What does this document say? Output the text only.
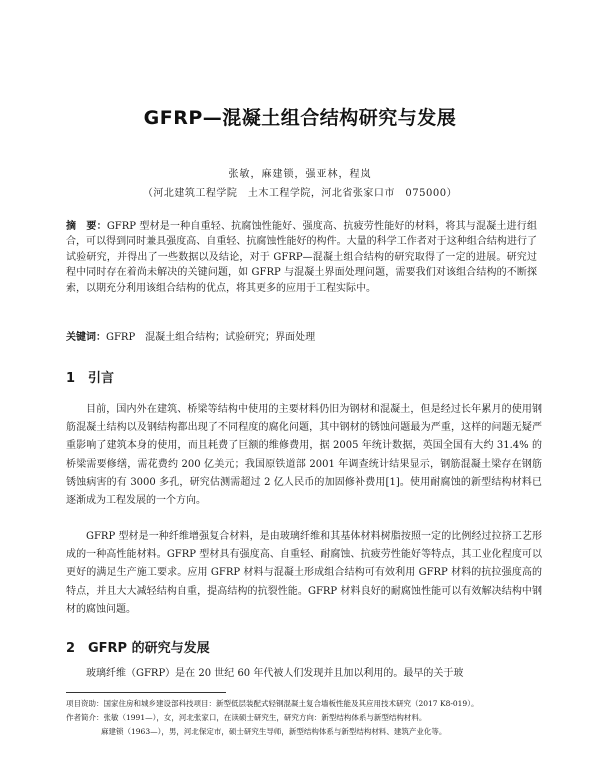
GFRP—混凝土组合结构研究与发展
张敏，麻建锁，强亚林，程岚
（河北建筑工程学院　土木工程学院，河北省张家口市　075000）
摘　要：GFRP 型材是一种自重轻、抗腐蚀性能好、强度高、抗疲劳性能好的材料，将其与混凝土进行组合，可以得到同时兼具强度高、自重轻、抗腐蚀性能好的构件。大量的科学工作者对于这种组合结构进行了试验研究，并得出了一些数据以及结论，对于 GFRP—混凝土组合结构的研究取得了一定的进展。研究过程中同时存在着尚未解决的关键问题，如 GFRP 与混凝土界面处理问题，需要我们对该组合结构的不断探索，以期充分利用该组合结构的优点，将其更多的应用于工程实际中。
关键词：GFRP　混凝土组合结构；试验研究；界面处理
1 引言
目前，国内外在建筑、桥梁等结构中使用的主要材料仍旧为钢材和混凝土，但是经过长年累月的使用钢筋混凝土结构以及钢结构都出现了不同程度的腐化问题，其中钢材的锈蚀问题最为严重，这样的问题无疑严重影响了建筑本身的使用，而且耗费了巨额的维修费用，据 2005 年统计数据，英国全国有大约 31.4% 的桥梁需要修缮，需花费约 200 亿美元；我国原铁道部 2001 年调查统计结果显示，钢筋混凝土梁存在钢筋锈蚀病害的有 3000 多孔，研究估测需超过 2 亿人民币的加固修补费用[1]。使用耐腐蚀的新型结构材料已逐渐成为工程发展的一个方向。
GFRP 型材是一种纤维增强复合材料，是由玻璃纤维和其基体材料树脂按照一定的比例经过拉挤工艺形成的一种高性能材料。GFRP 型材具有强度高、自重轻、耐腐蚀、抗疲劳性能好等特点，其工业化程度可以更好的满足生产施工要求。应用 GFRP 材料与混凝土形成组合结构可有效利用 GFRP 材料的抗拉强度高的特点，并且大大减轻结构自重，提高结构的抗裂性能。GFRP 材料良好的耐腐蚀性能可以有效解决结构中钢材的腐蚀问题。
2 GFRP 的研究与发展
玻璃纤维（GFRP）是在 20 世纪 60 年代被人们发现并且加以利用的。最早的关于玻
项目资助：国家住房和城乡建设部科技项目：新型低层装配式轻钢混凝土复合墙板性能及其应用技术研究（2017 K8-019）。
作者简介：张敏（1991—），女，河北张家口，在读硕士研究生，研究方向：新型结构体系与新型结构材料。
麻建锁（1963—），男，河北保定市，硕士研究生导师，新型结构体系与新型结构材料、建筑产业化等。
